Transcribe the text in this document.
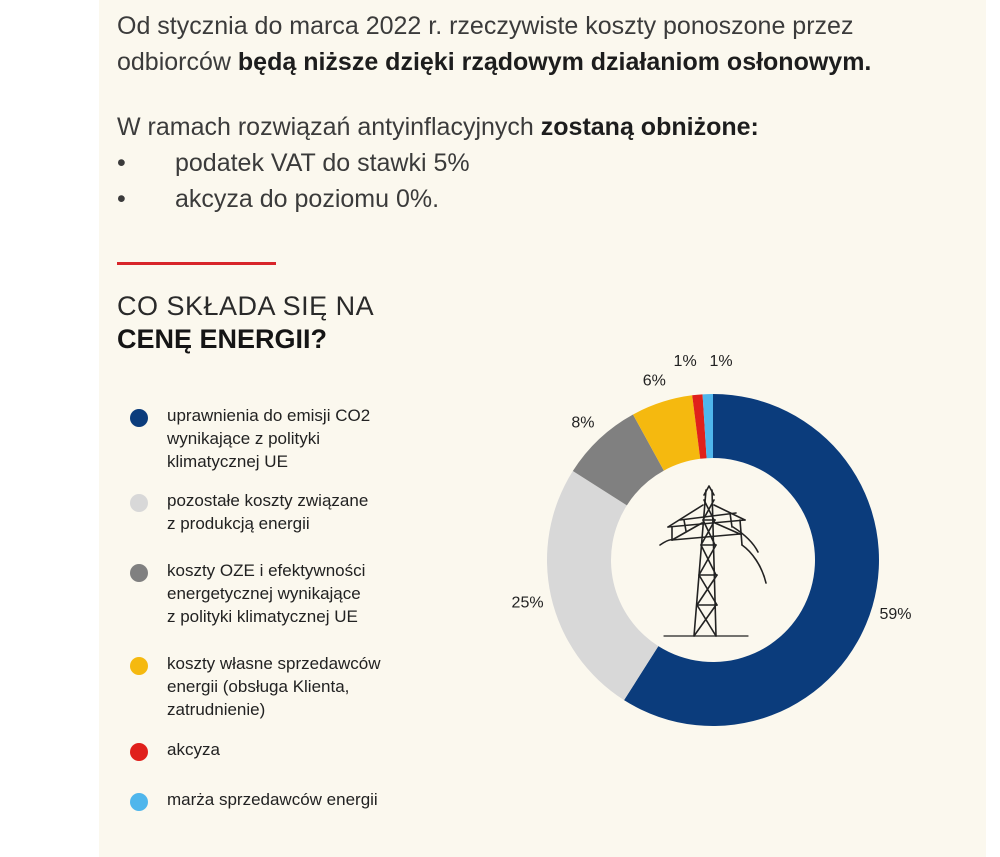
Od stycznia do marca 2022 r. rzeczywiste koszty ponoszone przez
odbiorców będą niższe dzięki rządowym działaniom osłonowym.

W ramach rozwiązań antyinflacyjnych zostaną obniżone:

•	podatek VAT do stawki 5%
•	akcyza do poziomu 0%.
CO SKŁADA SIĘ NA
CENĘ ENERGII?
uprawnienia do emisji CO2
wynikające z polityki
klimatycznej UE
pozostałe koszty związane
z produkcją energii
koszty OZE i efektywności
energetycznej wynikające
z polityki klimatycznej UE
koszty własne sprzedawców
energii (obsługa Klienta,
zatrudnienie)
akcyza
marża sprzedawców energii
59%
25%
8%
6%
1% 1%
